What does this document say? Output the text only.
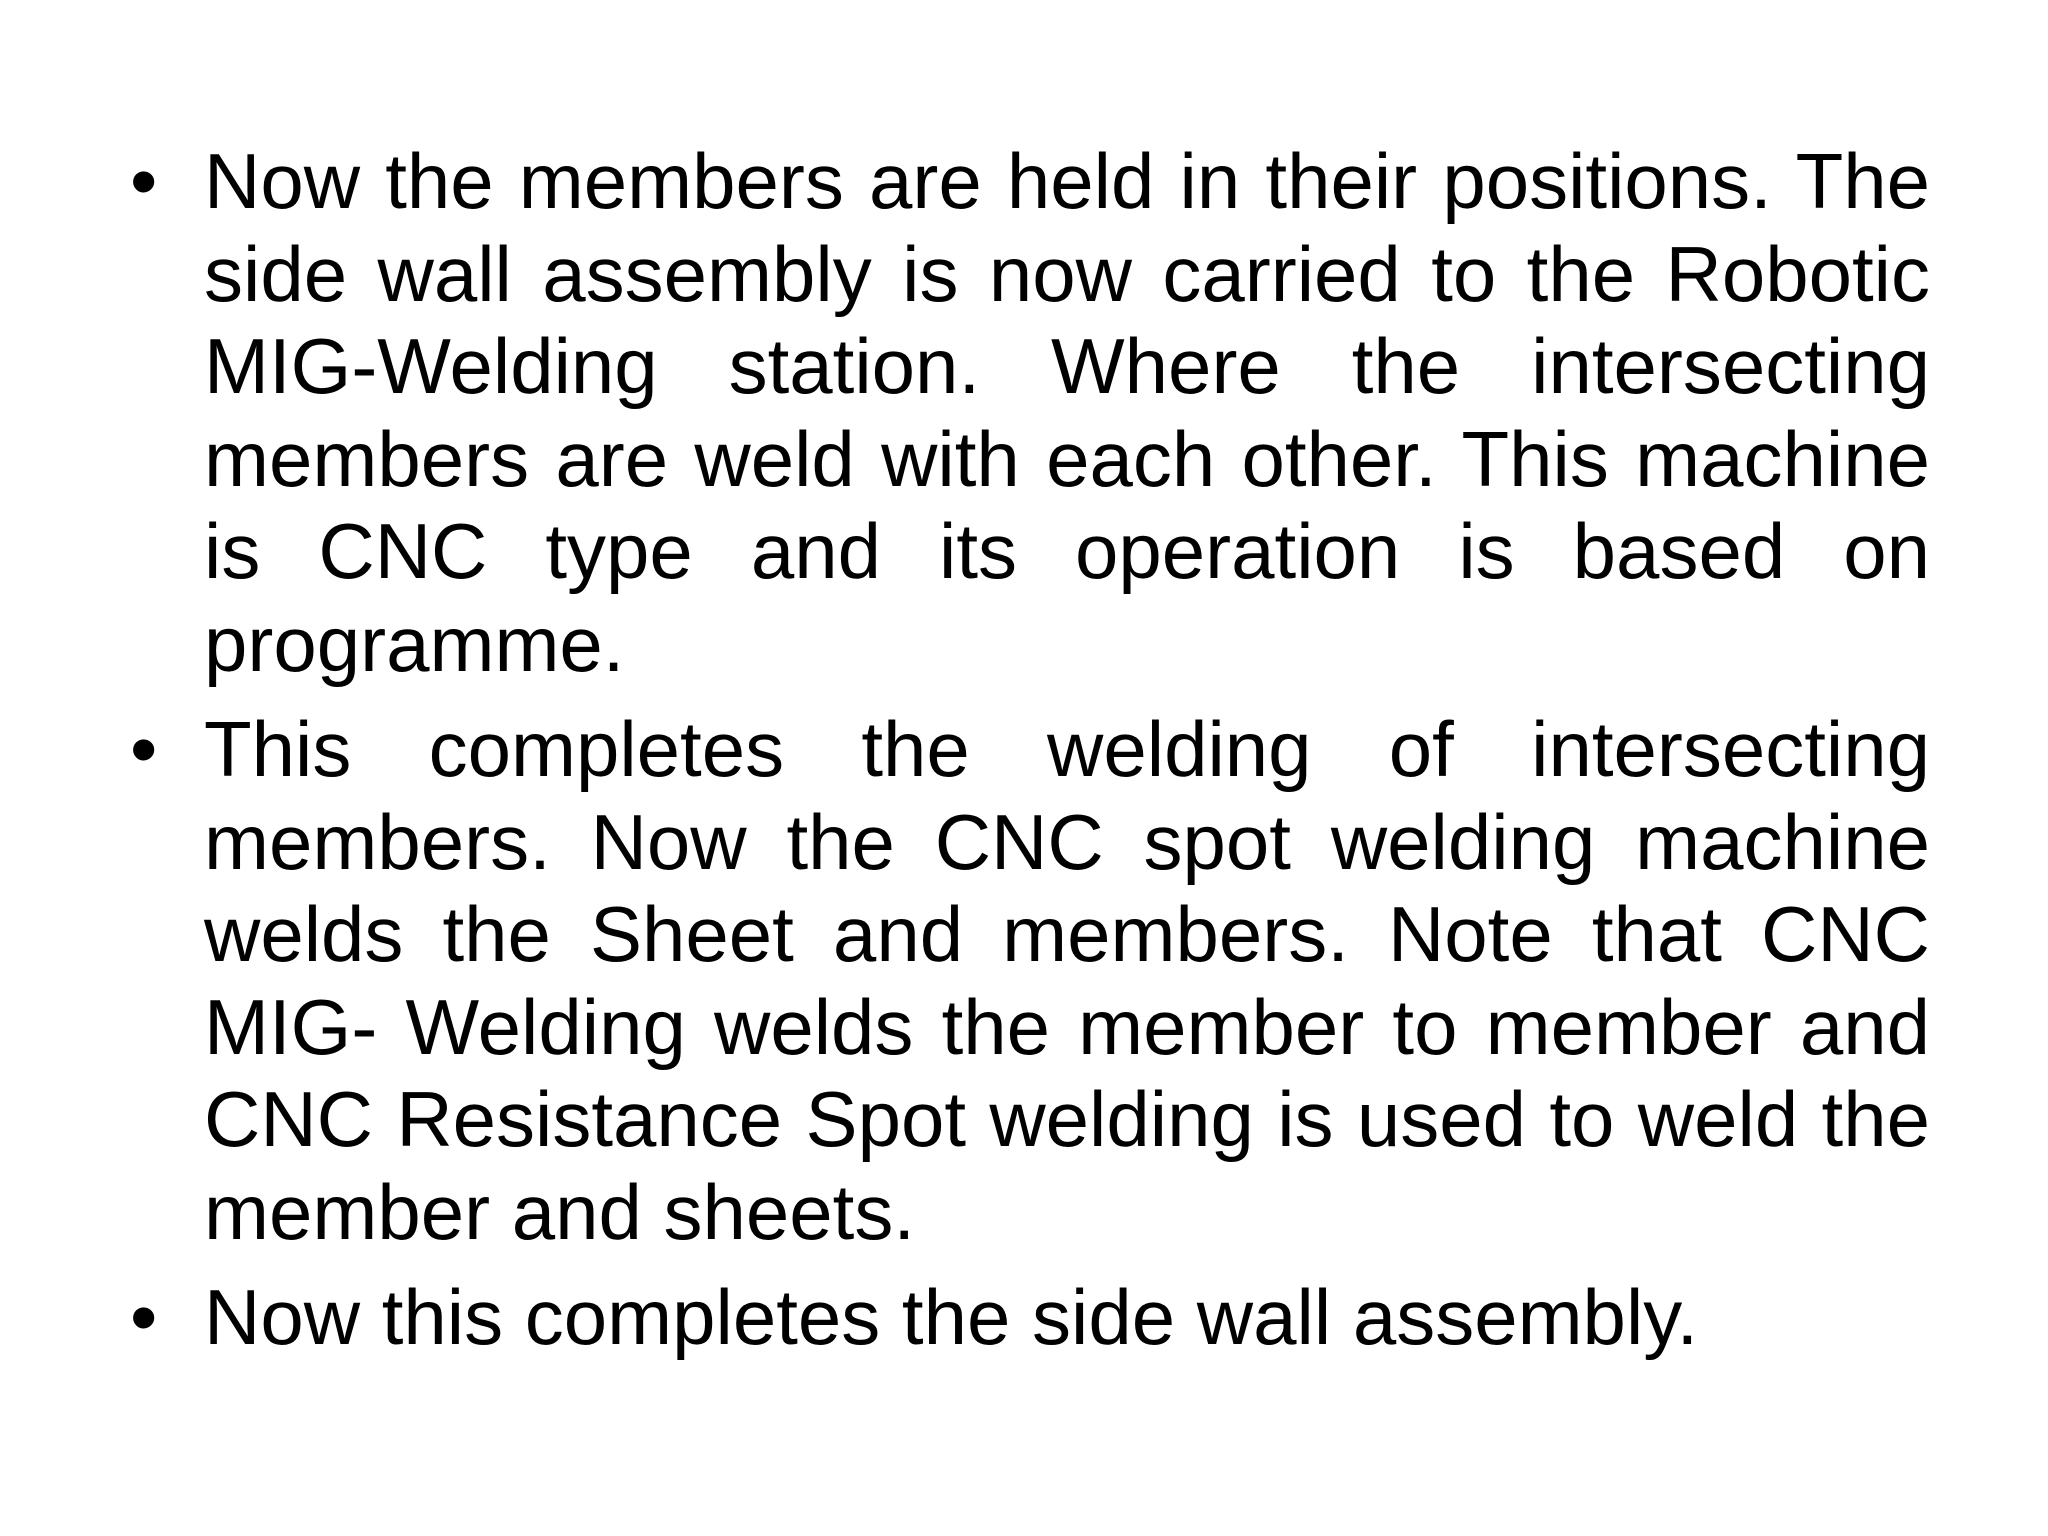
• Now the members are held in their positions. The side wall assembly is now carried to the Robotic MIG-Welding station. Where the intersecting members are weld with each other. This machine is CNC type and its operation is based on programme.
• This completes the welding of intersecting members. Now the CNC spot welding machine welds the Sheet and members. Note that CNC MIG- Welding welds the member to member and CNC Resistance Spot welding is used to weld the member and sheets.
• Now this completes the side wall assembly.
